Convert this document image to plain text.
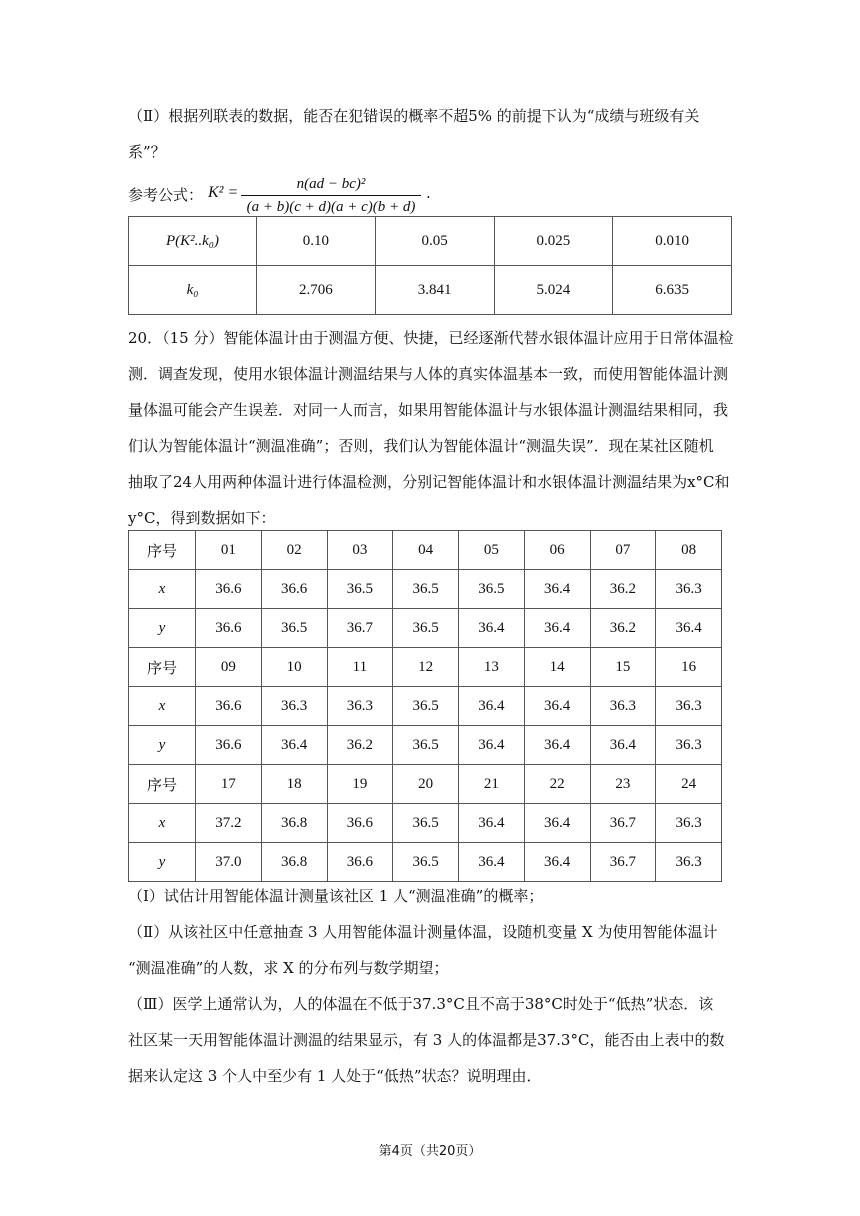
（Ⅱ）根据列联表的数据，能否在犯错误的概率不超5% 的前提下认为“成绩与班级有关
系”？
参考公式： K² =	n(ad − bc)²
(a + b)(c + d)(a + c)(b + d)
.
P(K²..k₀)	0.10	0.05	0.025	0.010
k₀	2.706	3.841	5.024	6.635
20．（15 分）智能体温计由于测温方便、快捷，已经逐渐代替水银体温计应用于日常体温检
测．调查发现，使用水银体温计测温结果与人体的真实体温基本一致，而使用智能体温计测
量体温可能会产生误差．对同一人而言，如果用智能体温计与水银体温计测温结果相同，我
们认为智能体温计“测温准确”；否则，我们认为智能体温计“测温失误”．现在某社区随机
抽取了24人用两种体温计进行体温检测，分别记智能体温计和水银体温计测温结果为x°C和
y°C，得到数据如下：
序号	01	02	03	04	05	06	07	08
x	36.6	36.6	36.5	36.5	36.5	36.4	36.2	36.3
y	36.6	36.5	36.7	36.5	36.4	36.4	36.2	36.4
序号	09	10	11	12	13	14	15	16
x	36.6	36.3	36.3	36.5	36.4	36.4	36.3	36.3
y	36.6	36.4	36.2	36.5	36.4	36.4	36.4	36.3
序号	17	18	19	20	21	22	23	24
x	37.2	36.8	36.6	36.5	36.4	36.4	36.7	36.3
y	37.0	36.8	36.6	36.5	36.4	36.4	36.7	36.3
（Ⅰ）试估计用智能体温计测量该社区 1 人“测温准确”的概率；
（Ⅱ）从该社区中任意抽查 3 人用智能体温计测量体温，设随机变量 X 为使用智能体温计
“测温准确”的人数，求 X 的分布列与数学期望；
（Ⅲ）医学上通常认为，人的体温在不低于37.3°C且不高于38°C时处于“低热”状态．该
社区某一天用智能体温计测温的结果显示，有 3 人的体温都是37.3°C，能否由上表中的数
据来认定这 3 个人中至少有 1 人处于“低热”状态？说明理由．
第4页（共20页）
